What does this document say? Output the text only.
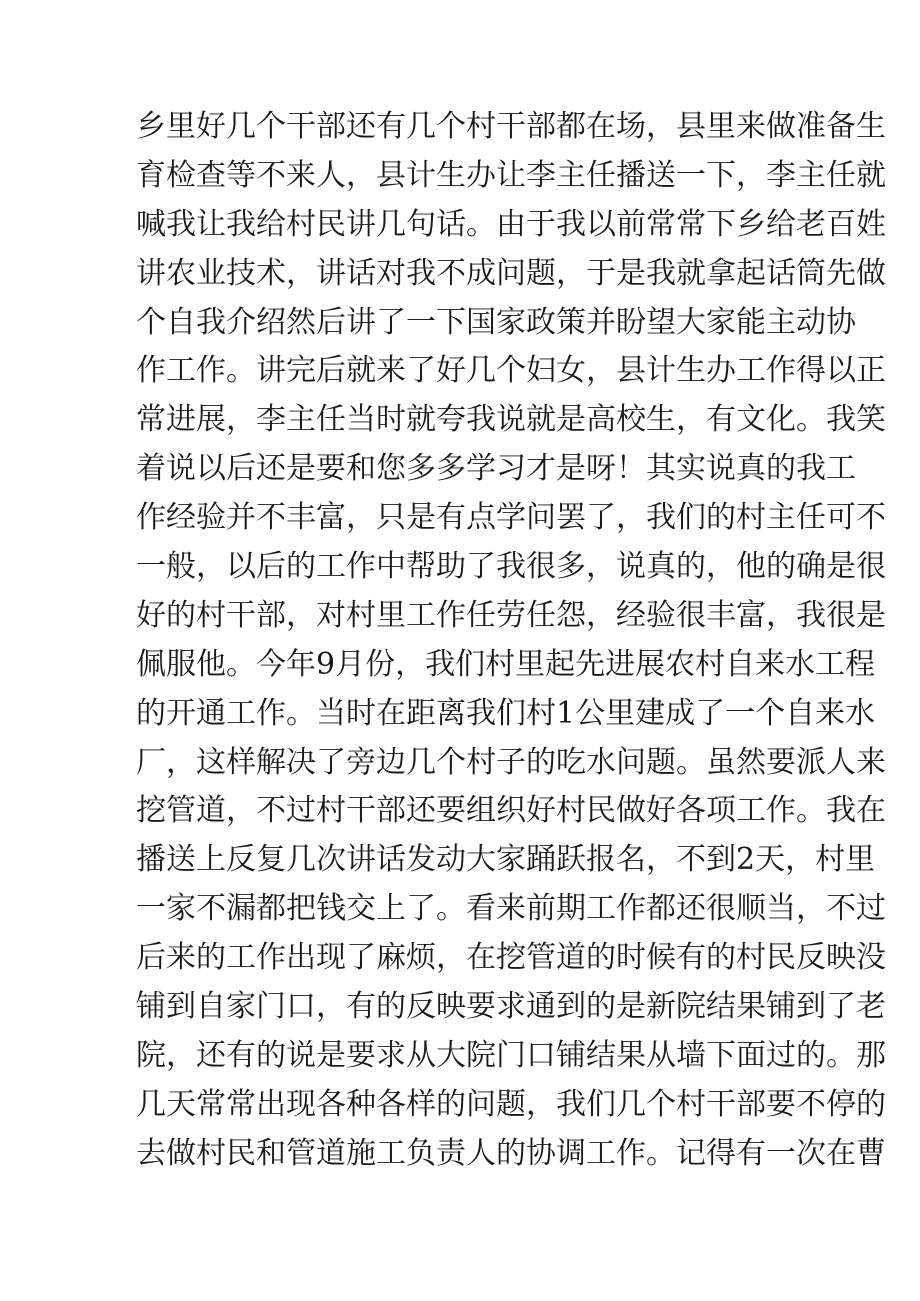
乡里好几个干部还有几个村干部都在场，县里来做准备生
育检查等不来人，县计生办让李主任播送一下，李主任就
喊我让我给村民讲几句话。由于我以前常常下乡给老百姓
讲农业技术，讲话对我不成问题，于是我就拿起话筒先做
个自我介绍然后讲了一下国家政策并盼望大家能主动协
作工作。讲完后就来了好几个妇女，县计生办工作得以正
常进展，李主任当时就夸我说就是高校生，有文化。我笑
着说以后还是要和您多多学习才是呀！其实说真的我工
作经验并不丰富，只是有点学问罢了，我们的村主任可不
一般，以后的工作中帮助了我很多，说真的，他的确是很
好的村干部，对村里工作任劳任怨，经验很丰富，我很是
佩服他。今年9月份，我们村里起先进展农村自来水工程
的开通工作。当时在距离我们村1公里建成了一个自来水
厂，这样解决了旁边几个村子的吃水问题。虽然要派人来
挖管道，不过村干部还要组织好村民做好各项工作。我在
播送上反复几次讲话发动大家踊跃报名，不到2天，村里
一家不漏都把钱交上了。看来前期工作都还很顺当，不过
后来的工作出现了麻烦，在挖管道的时候有的村民反映没
铺到自家门口，有的反映要求通到的是新院结果铺到了老
院，还有的说是要求从大院门口铺结果从墙下面过的。那
几天常常出现各种各样的问题，我们几个村干部要不停的
去做村民和管道施工负责人的协调工作。记得有一次在曹
